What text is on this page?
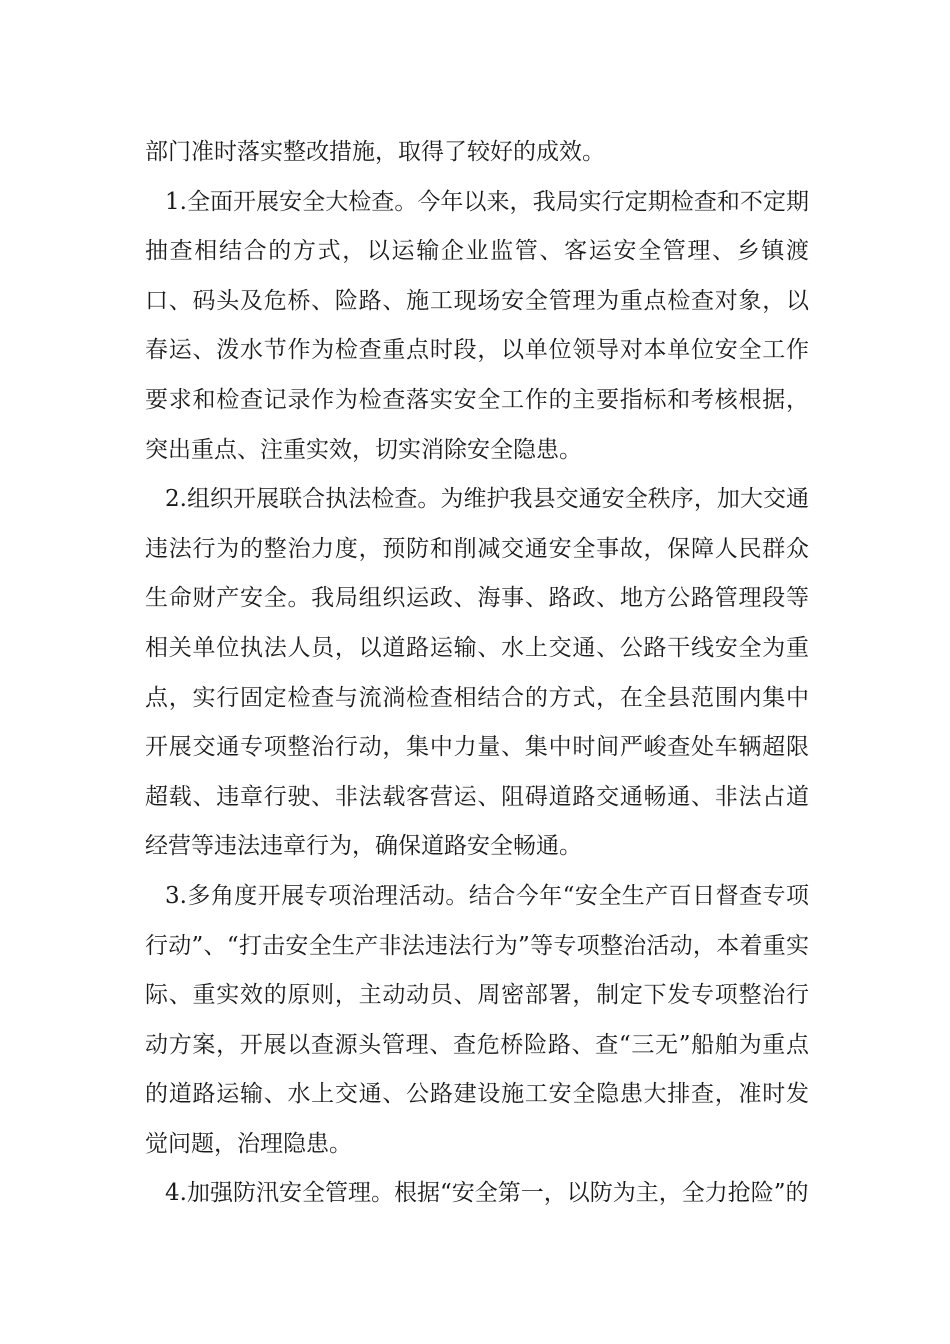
部门准时落实整改措施，取得了较好的成效。

1.全面开展安全大检查。今年以来，我局实行定期检查和不定期抽查相结合的方式，以运输企业监管、客运安全管理、乡镇渡口、码头及危桥、险路、施工现场安全管理为重点检查对象，以春运、泼水节作为检查重点时段，以单位领导对本单位安全工作要求和检查记录作为检查落实安全工作的主要指标和考核根据，突出重点、注重实效，切实消除安全隐患。

2.组织开展联合执法检查。为维护我县交通安全秩序，加大交通违法行为的整治力度，预防和削减交通安全事故，保障人民群众生命财产安全。我局组织运政、海事、路政、地方公路管理段等相关单位执法人员，以道路运输、水上交通、公路干线安全为重点，实行固定检查与流淌检查相结合的方式，在全县范围内集中开展交通专项整治行动，集中力量、集中时间严峻查处车辆超限超载、违章行驶、非法载客营运、阻碍道路交通畅通、非法占道经营等违法违章行为，确保道路安全畅通。

3.多角度开展专项治理活动。结合今年“安全生产百日督查专项行动”、“打击安全生产非法违法行为”等专项整治活动，本着重实际、重实效的原则，主动动员、周密部署，制定下发专项整治行动方案，开展以查源头管理、查危桥险路、查“三无”船舶为重点的道路运输、水上交通、公路建设施工安全隐患大排查，准时发觉问题，治理隐患。

4.加强防汛安全管理。根据“安全第一，以防为主，全力抢险”的
